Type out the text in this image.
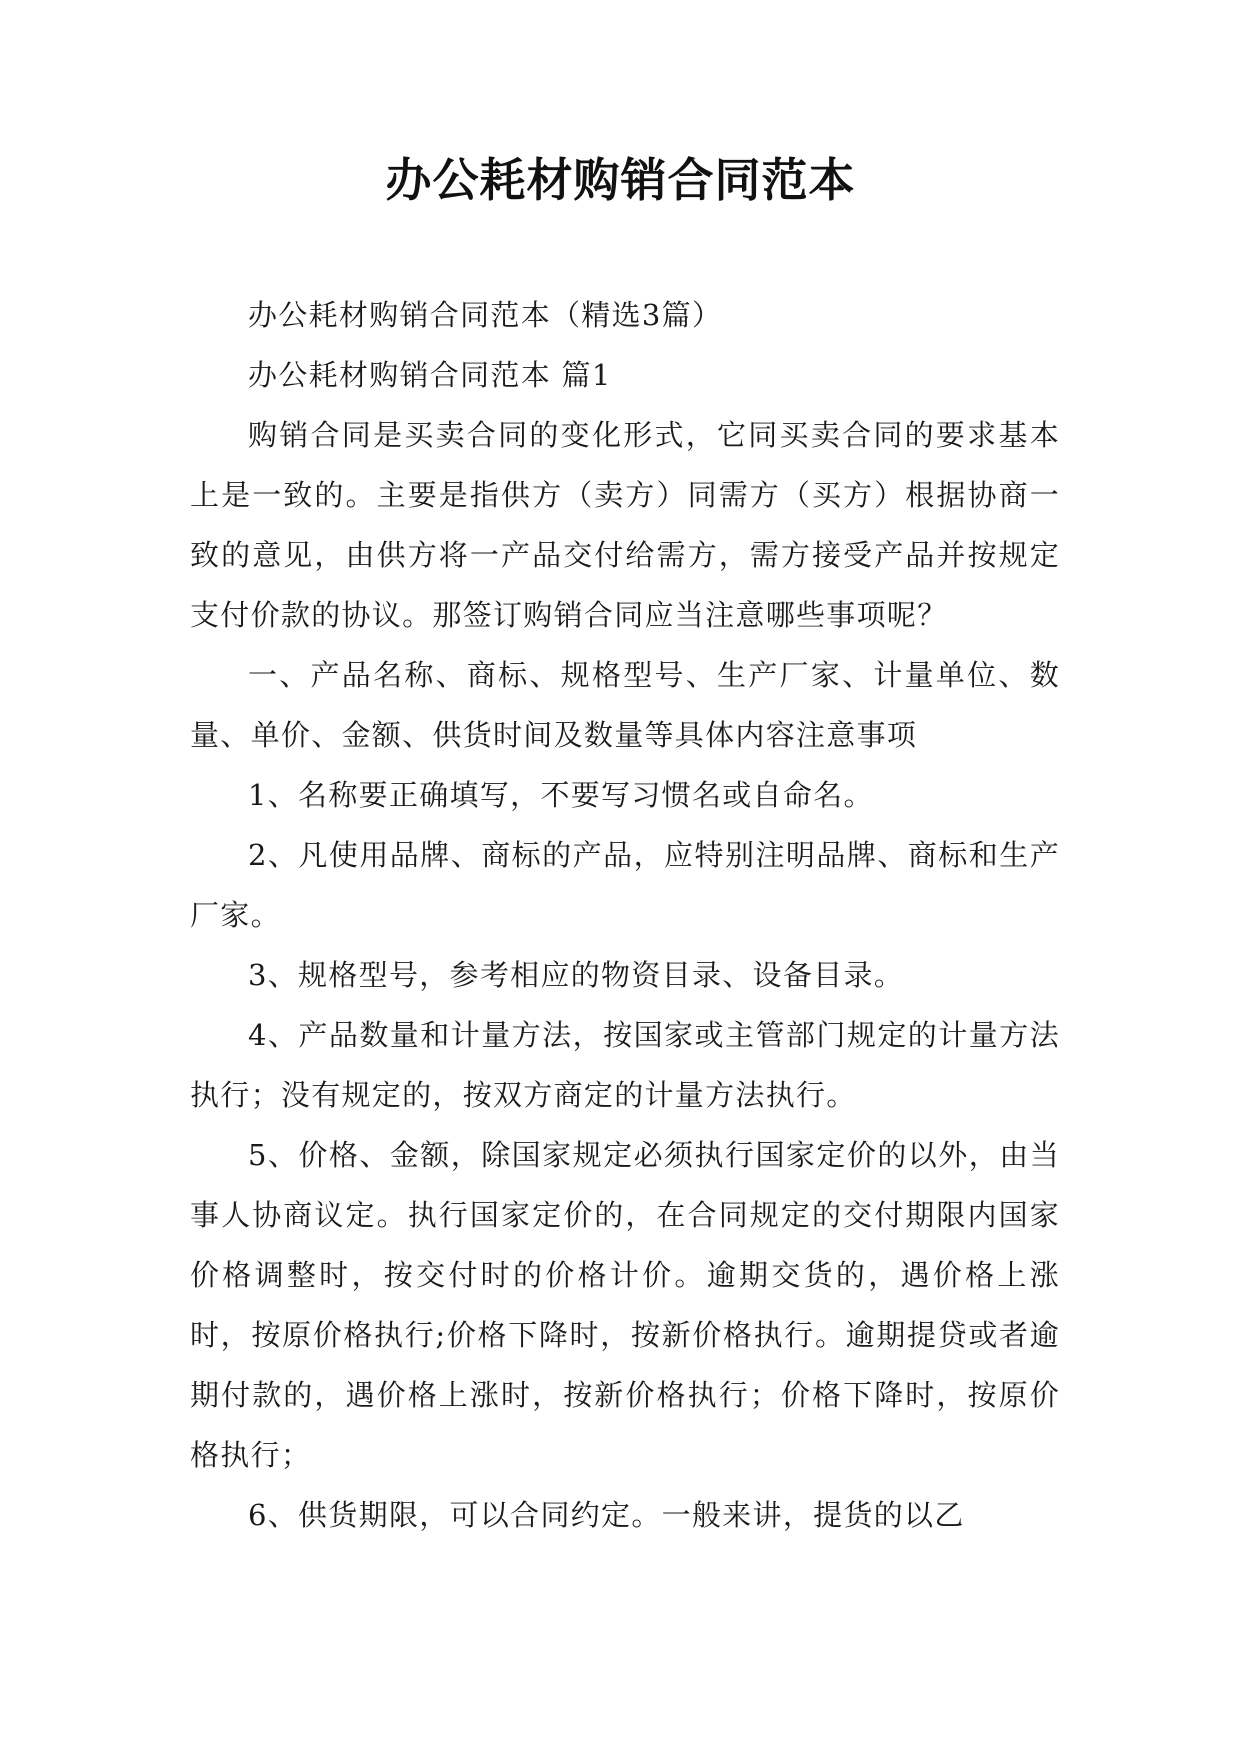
办公耗材购销合同范本

办公耗材购销合同范本（精选3篇）

办公耗材购销合同范本 篇1

购销合同是买卖合同的变化形式，它同买卖合同的要求基本上是一致的。主要是指供方（卖方）同需方（买方）根据协商一致的意见，由供方将一产品交付给需方，需方接受产品并按规定支付价款的协议。那签订购销合同应当注意哪些事项呢？

一、产品名称、商标、规格型号、生产厂家、计量单位、数量、单价、金额、供货时间及数量等具体内容注意事项

1、名称要正确填写，不要写习惯名或自命名。

2、凡使用品牌、商标的产品，应特别注明品牌、商标和生产厂家。

3、规格型号，参考相应的物资目录、设备目录。

4、产品数量和计量方法，按国家或主管部门规定的计量方法执行；没有规定的，按双方商定的计量方法执行。

5、价格、金额，除国家规定必须执行国家定价的以外，由当事人协商议定。执行国家定价的，在合同规定的交付期限内国家价格调整时，按交付时的价格计价。逾期交货的，遇价格上涨时，按原价格执行;价格下降时，按新价格执行。逾期提贷或者逾期付款的，遇价格上涨时，按新价格执行；价格下降时，按原价格执行；

6、供货期限，可以合同约定。一般来讲，提货的以乙
